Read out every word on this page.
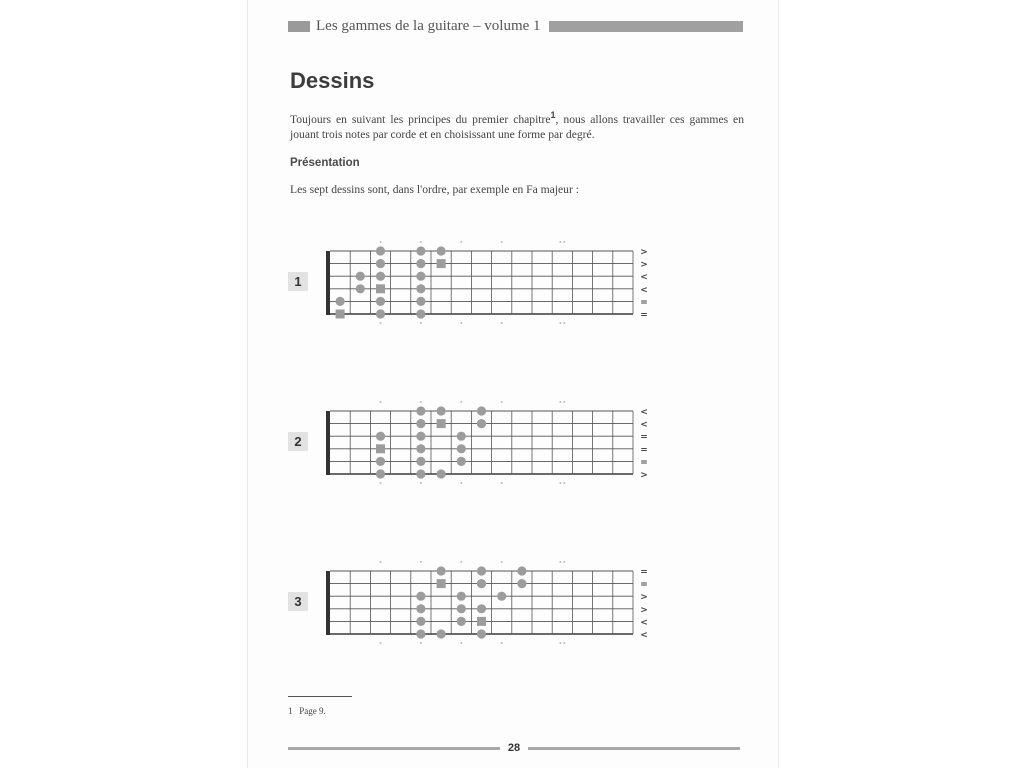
Les gammes de la guitare – volume 1
Dessins
Toujours en suivant les principes du premier chapitre$^1$, nous allons travailler ces gammes en jouant trois notes par corde et en choisissant une forme par degré.
Présentation
Les sept dessins sont, dans l'ordre, par exemple en Fa majeur :
1
2
3
>
>
<
<
=
=
<
<
=
=
=
>
=
=
>
>
<
<
1 Page 9.
28
